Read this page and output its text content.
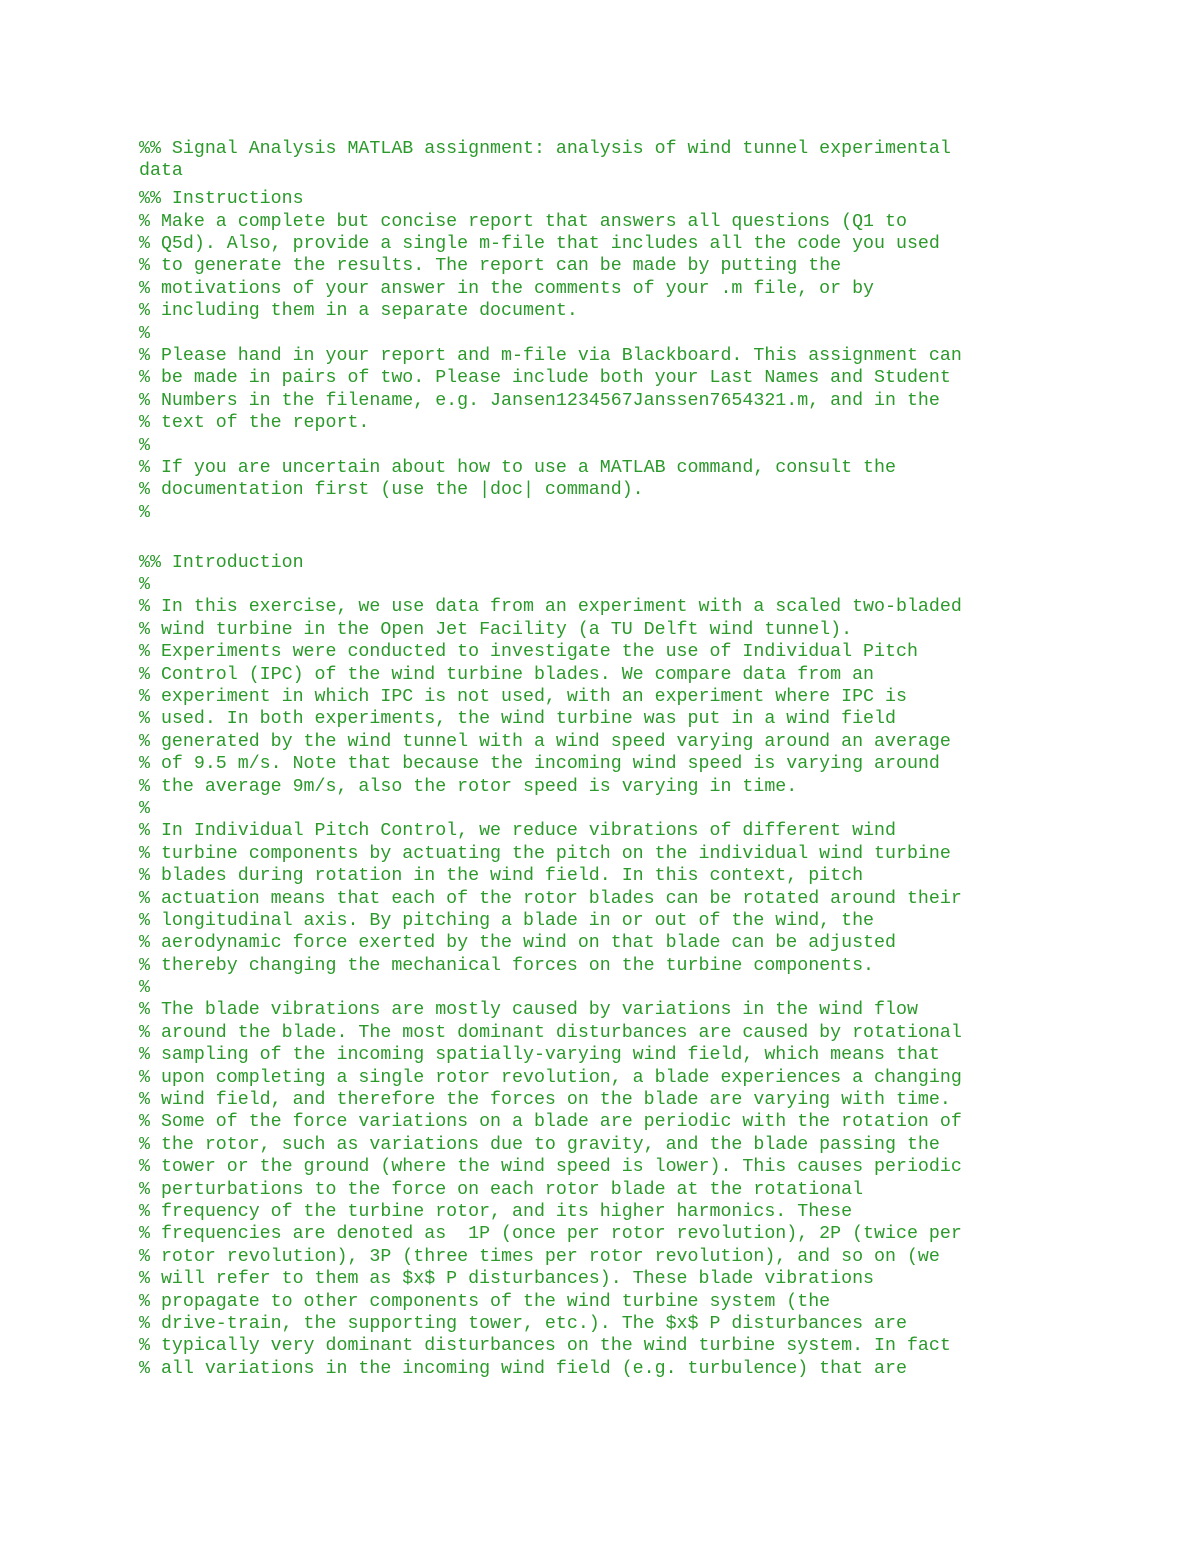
%% Signal Analysis MATLAB assignment: analysis of wind tunnel experimental
data
%% Instructions
% Make a complete but concise report that answers all questions (Q1 to
% Q5d). Also, provide a single m-file that includes all the code you used
% to generate the results. The report can be made by putting the
% motivations of your answer in the comments of your .m file, or by
% including them in a separate document.
%
% Please hand in your report and m-file via Blackboard. This assignment can
% be made in pairs of two. Please include both your Last Names and Student
% Numbers in the filename, e.g. Jansen1234567Janssen7654321.m, and in the
% text of the report.
%
% If you are uncertain about how to use a MATLAB command, consult the
% documentation first (use the |doc| command).
%
%% Introduction
%
% In this exercise, we use data from an experiment with a scaled two-bladed
% wind turbine in the Open Jet Facility (a TU Delft wind tunnel).
% Experiments were conducted to investigate the use of Individual Pitch
% Control (IPC) of the wind turbine blades. We compare data from an
% experiment in which IPC is not used, with an experiment where IPC is
% used. In both experiments, the wind turbine was put in a wind field
% generated by the wind tunnel with a wind speed varying around an average
% of 9.5 m/s. Note that because the incoming wind speed is varying around
% the average 9m/s, also the rotor speed is varying in time.
%
% In Individual Pitch Control, we reduce vibrations of different wind
% turbine components by actuating the pitch on the individual wind turbine
% blades during rotation in the wind field. In this context, pitch
% actuation means that each of the rotor blades can be rotated around their
% longitudinal axis. By pitching a blade in or out of the wind, the
% aerodynamic force exerted by the wind on that blade can be adjusted
% thereby changing the mechanical forces on the turbine components.
%
% The blade vibrations are mostly caused by variations in the wind flow
% around the blade. The most dominant disturbances are caused by rotational
% sampling of the incoming spatially-varying wind field, which means that
% upon completing a single rotor revolution, a blade experiences a changing
% wind field, and therefore the forces on the blade are varying with time.
% Some of the force variations on a blade are periodic with the rotation of
% the rotor, such as variations due to gravity, and the blade passing the
% tower or the ground (where the wind speed is lower). This causes periodic
% perturbations to the force on each rotor blade at the rotational
% frequency of the turbine rotor, and its higher harmonics. These
% frequencies are denoted as  1P (once per rotor revolution), 2P (twice per
% rotor revolution), 3P (three times per rotor revolution), and so on (we
% will refer to them as $x$ P disturbances). These blade vibrations
% propagate to other components of the wind turbine system (the
% drive-train, the supporting tower, etc.). The $x$ P disturbances are
% typically very dominant disturbances on the wind turbine system. In fact
% all variations in the incoming wind field (e.g. turbulence) that are
